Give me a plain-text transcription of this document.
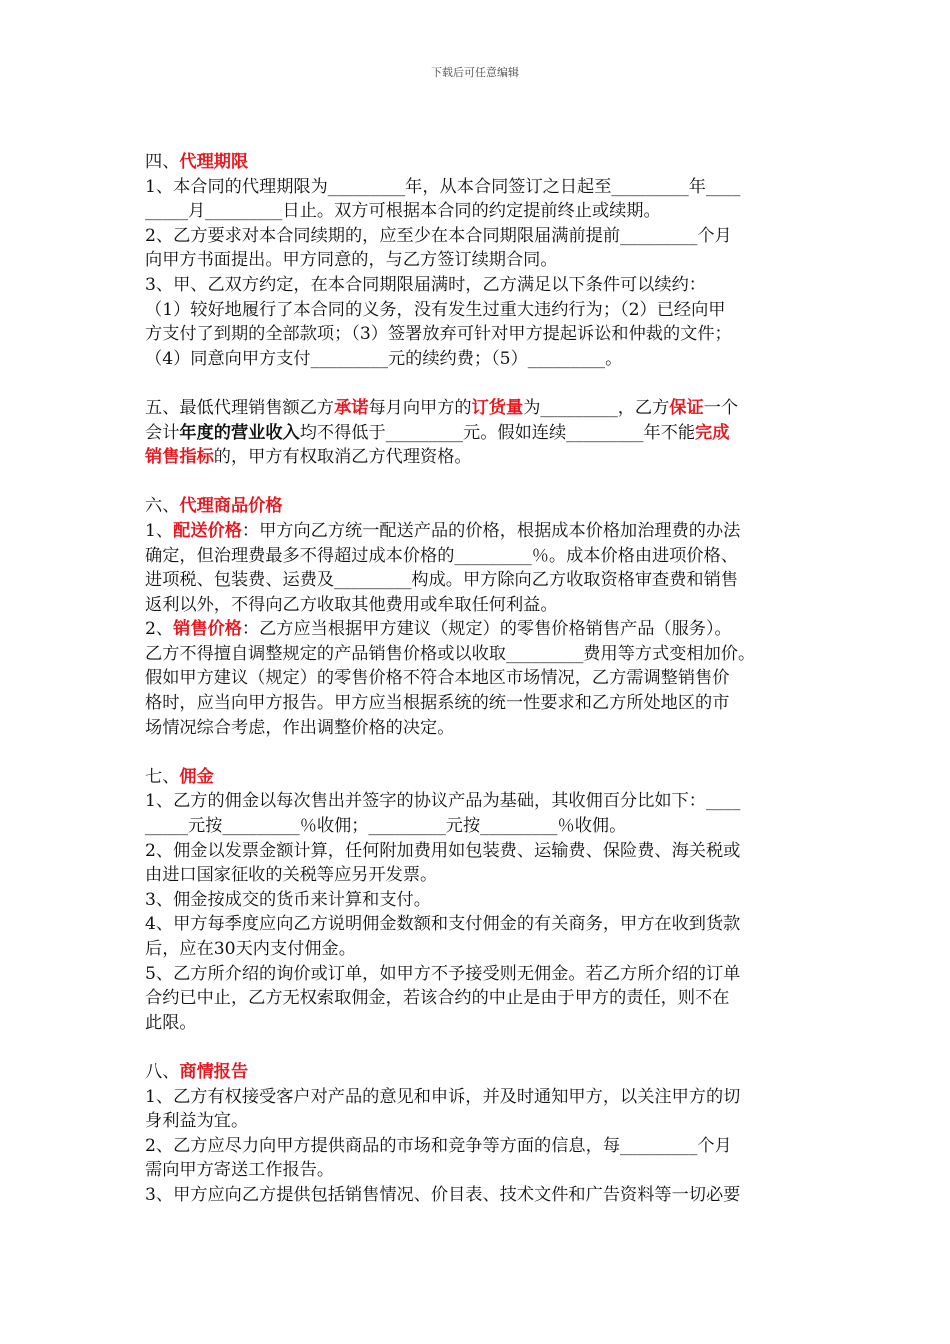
下载后可任意编辑

四、代理期限

1、本合同的代理期限为_________年，从本合同签订之日起至_________年____

_____月_________日止。双方可根据本合同的约定提前终止或续期。

2、乙方要求对本合同续期的，应至少在本合同期限届满前提前_________个月

向甲方书面提出。甲方同意的，与乙方签订续期合同。

3、甲、乙双方约定，在本合同期限届满时，乙方满足以下条件可以续约：

（1）较好地履行了本合同的义务，没有发生过重大违约行为；（2）已经向甲

方支付了到期的全部款项；（3）签署放弃可针对甲方提起诉讼和仲裁的文件；

（4）同意向甲方支付_________元的续约费；（5）_________。

五、最低代理销售额乙方承诺每月向甲方的订货量为_________，乙方保证一个

会计年度的营业收入均不得低于_________元。假如连续_________年不能完成

销售指标的，甲方有权取消乙方代理资格。

六、代理商品价格

1、配送价格：甲方向乙方统一配送产品的价格，根据成本价格加治理费的办法

确定，但治理费最多不得超过成本价格的_________％。成本价格由进项价格、

进项税、包装费、运费及_________构成。甲方除向乙方收取资格审查费和销售

返利以外，不得向乙方收取其他费用或牟取任何利益。

2、销售价格：乙方应当根据甲方建议（规定）的零售价格销售产品（服务）。

乙方不得擅自调整规定的产品销售价格或以收取_________费用等方式变相加价。

假如甲方建议（规定）的零售价格不符合本地区市场情况，乙方需调整销售价

格时，应当向甲方报告。甲方应当根据系统的统一性要求和乙方所处地区的市

场情况综合考虑，作出调整价格的决定。

七、佣金

1、乙方的佣金以每次售出并签字的协议产品为基础，其收佣百分比如下：____

_____元按_________％收佣；_________元按_________％收佣。

2、佣金以发票金额计算，任何附加费用如包装费、运输费、保险费、海关税或

由进口国家征收的关税等应另开发票。

3、佣金按成交的货币来计算和支付。

4、甲方每季度应向乙方说明佣金数额和支付佣金的有关商务，甲方在收到货款

后，应在30天内支付佣金。

5、乙方所介绍的询价或订单，如甲方不予接受则无佣金。若乙方所介绍的订单

合约已中止，乙方无权索取佣金，若该合约的中止是由于甲方的责任，则不在

此限。

八、商情报告

1、乙方有权接受客户对产品的意见和申诉，并及时通知甲方，以关注甲方的切

身利益为宜。

2、乙方应尽力向甲方提供商品的市场和竞争等方面的信息，每_________个月

需向甲方寄送工作报告。

3、甲方应向乙方提供包括销售情况、价目表、技术文件和广告资料等一切必要
